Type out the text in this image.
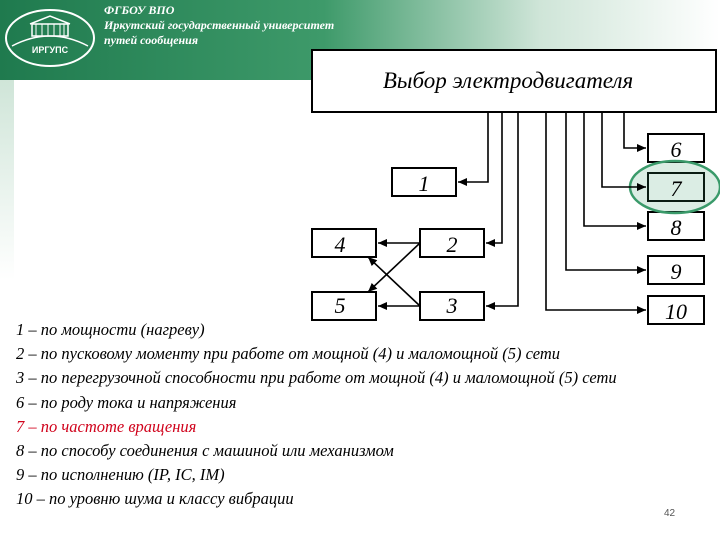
ИРГУПС
ФГБОУ ВПО
Иркутский государственный университет
путей сообщения
Выбор электродвигателя
1
4	2
5	3
6
7
8
9
10
1 – по мощности (нагреву)
2 – по пусковому моменту при работе от мощной (4) и маломощной (5) сети
3 – по перегрузочной способности при работе от мощной (4) и маломощной (5) сети
6 – по роду тока и напряжения
7 – по частоте вращения
8 – по способу соединения с машиной или механизмом
9 – по исполнению (IP, IC, IM)
10 – по уровню шума и классу вибрации
42
